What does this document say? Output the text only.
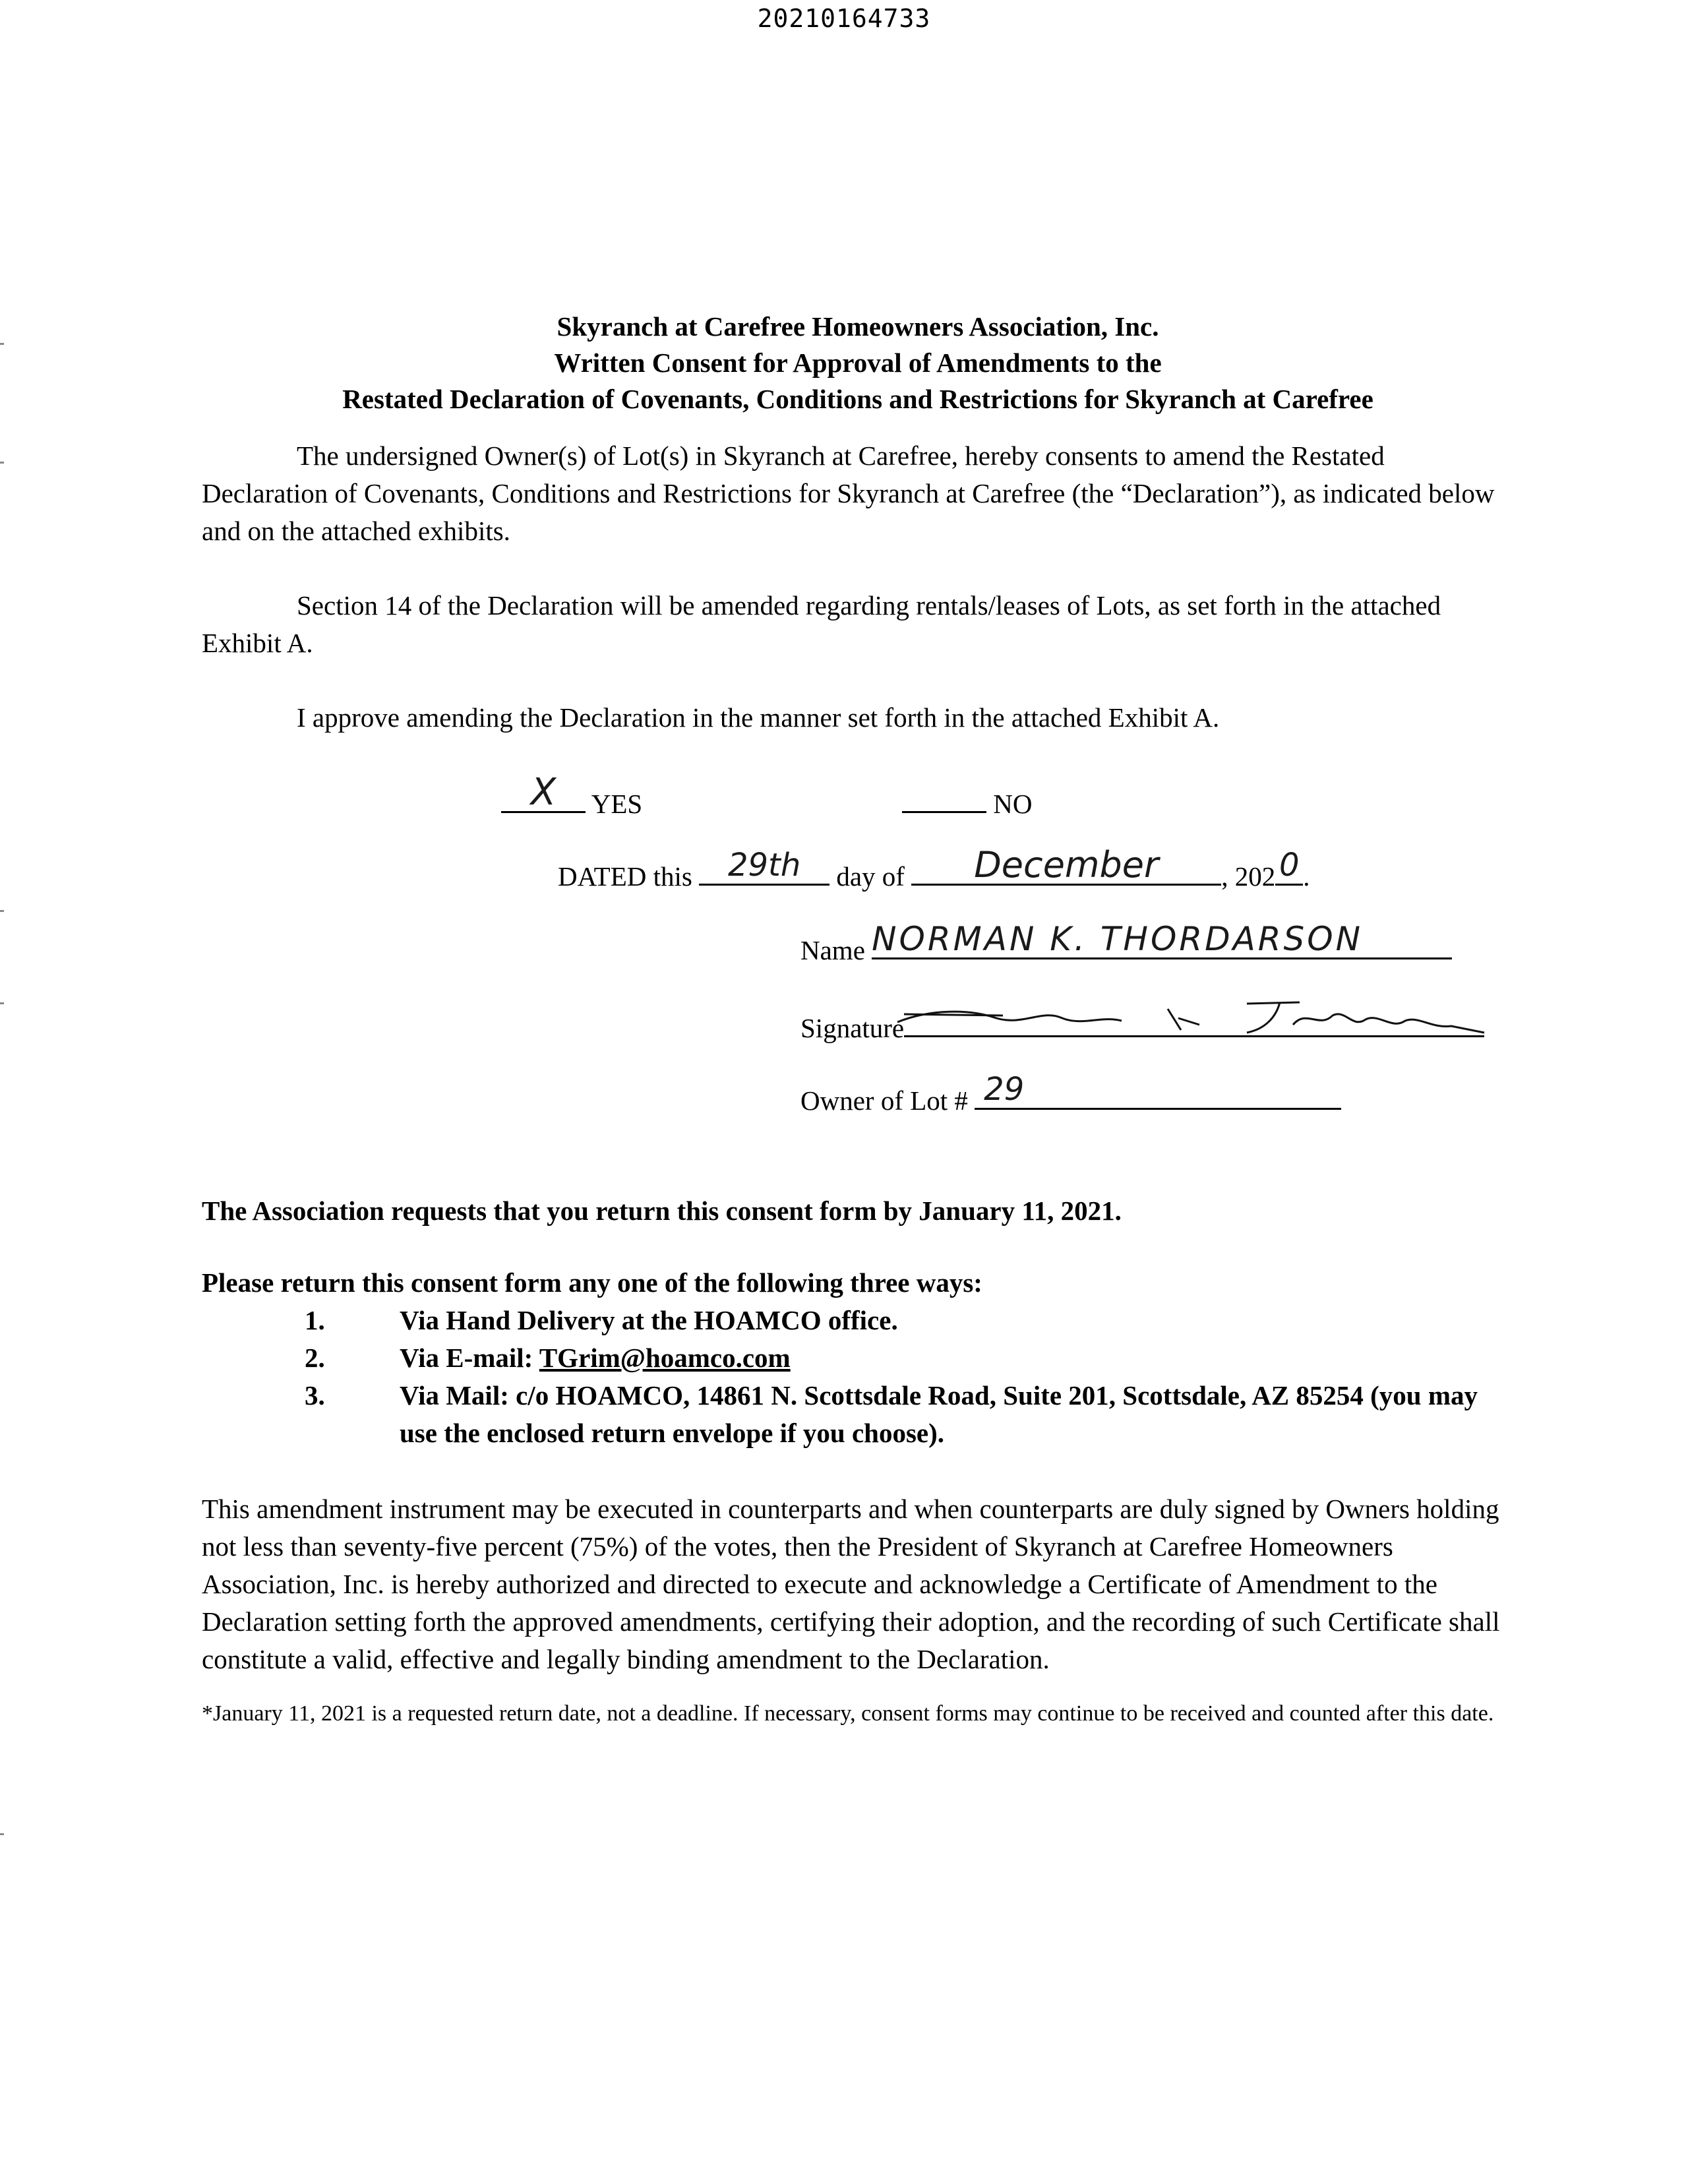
20210164733
Skyranch at Carefree Homeowners Association, Inc.
Written Consent for Approval of Amendments to the
Restated Declaration of Covenants, Conditions and Restrictions for Skyranch at Carefree
The undersigned Owner(s) of Lot(s) in Skyranch at Carefree, hereby consents to amend the Restated Declaration of Covenants, Conditions and Restrictions for Skyranch at Carefree (the “Declaration”), as indicated below and on the attached exhibits.
Section 14 of the Declaration will be amended regarding rentals/leases of Lots, as set forth in the attached Exhibit A.
I approve amending the Declaration in the manner set forth in the attached Exhibit A.
X	YES	NO
DATED this	29th	day of	December	, 202 0 .
Name NORMAN K. THORDARSON
Signature
Owner of Lot # 29
The Association requests that you return this consent form by January 11, 2021.
Please return this consent form any one of the following three ways:
1.	Via Hand Delivery at the HOAMCO office.
2.	Via E-mail: TGrim@hoamco.com
3.	Via Mail: c/o HOAMCO, 14861 N. Scottsdale Road, Suite 201, Scottsdale, AZ 85254 (you may use the enclosed return envelope if you choose).
This amendment instrument may be executed in counterparts and when counterparts are duly signed by Owners holding not less than seventy-five percent (75%) of the votes, then the President of Skyranch at Carefree Homeowners Association, Inc. is hereby authorized and directed to execute and acknowledge a Certificate of Amendment to the Declaration setting forth the approved amendments, certifying their adoption, and the recording of such Certificate shall constitute a valid, effective and legally binding amendment to the Declaration.
*January 11, 2021 is a requested return date, not a deadline. If necessary, consent forms may continue to be received and counted after this date.
